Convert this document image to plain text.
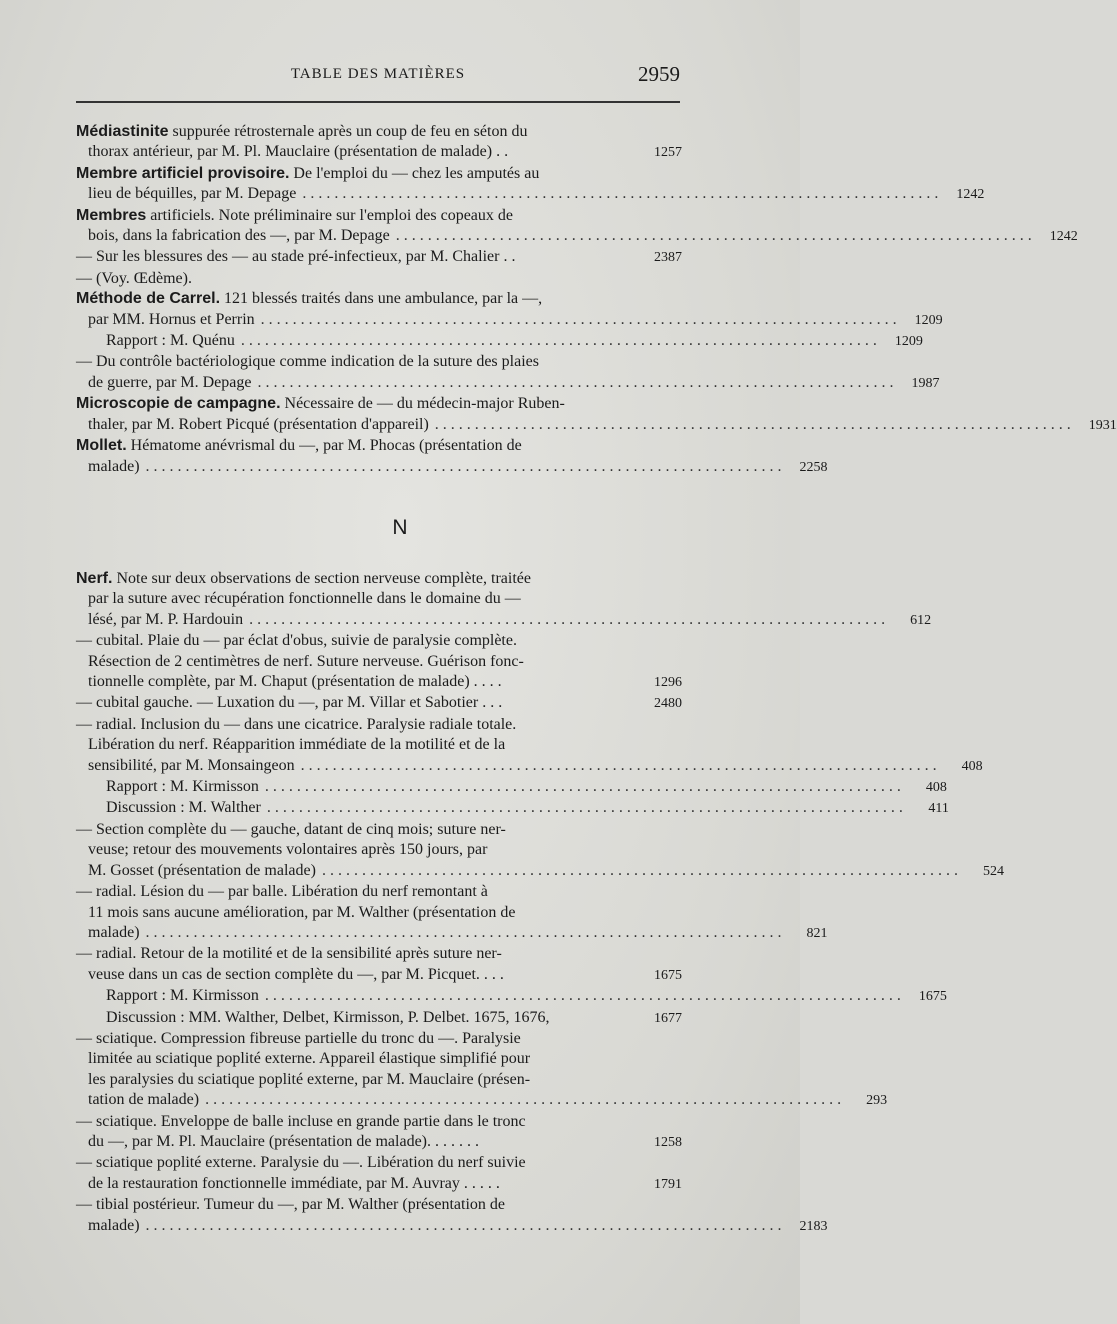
TABLE DES MATIÈRES	2959
Médiastinite suppurée rétrosternale après un coup de feu en séton du
thorax antérieur, par M. Pl. Mauclaire (présentation de malade) . .	1257
Membre artificiel provisoire. De l'emploi du — chez les amputés au
lieu de béquilles, par M. Depage ................................................................................	1242
Membres artificiels. Note préliminaire sur l'emploi des copeaux de
bois, dans la fabrication des —, par M. Depage ................................................................................	1242
— Sur les blessures des — au stade pré-infectieux, par M. Chalier . .	2387
— (Voy. Œdème).
Méthode de Carrel. 121 blessés traités dans une ambulance, par la —,
par MM. Hornus et Perrin ................................................................................	1209
Rapport : M. Quénu ................................................................................	1209
— Du contrôle bactériologique comme indication de la suture des plaies
de guerre, par M. Depage ................................................................................	1987
Microscopie de campagne. Nécessaire de — du médecin-major Ruben-
thaler, par M. Robert Picqué (présentation d'appareil) ................................................................................	1931
Mollet. Hématome anévrismal du —, par M. Phocas (présentation de
malade) ................................................................................	2258
N
Nerf. Note sur deux observations de section nerveuse complète, traitée
par la suture avec récupération fonctionnelle dans le domaine du —
lésé, par M. P. Hardouin ................................................................................	612
— cubital. Plaie du — par éclat d'obus, suivie de paralysie complète.
Résection de 2 centimètres de nerf. Suture nerveuse. Guérison fonc-
tionnelle complète, par M. Chaput (présentation de malade) . . . .	1296
— cubital gauche. — Luxation du —, par M. Villar et Sabotier . . .	2480
— radial. Inclusion du — dans une cicatrice. Paralysie radiale totale.
Libération du nerf. Réapparition immédiate de la motilité et de la
sensibilité, par M. Monsaingeon ................................................................................	408
Rapport : M. Kirmisson ................................................................................	408
Discussion : M. Walther ................................................................................	411
— Section complète du — gauche, datant de cinq mois; suture ner-
veuse; retour des mouvements volontaires après 150 jours, par
M. Gosset (présentation de malade) ................................................................................	524
— radial. Lésion du — par balle. Libération du nerf remontant à
11 mois sans aucune amélioration, par M. Walther (présentation de
malade) ................................................................................	821
— radial. Retour de la motilité et de la sensibilité après suture ner-
veuse dans un cas de section complète du —, par M. Picquet. . . .	1675
Rapport : M. Kirmisson ................................................................................	1675
Discussion : MM. Walther, Delbet, Kirmisson, P. Delbet. 1675, 1676,	1677
— sciatique. Compression fibreuse partielle du tronc du —. Paralysie
limitée au sciatique poplité externe. Appareil élastique simplifié pour
les paralysies du sciatique poplité externe, par M. Mauclaire (présen-
tation de malade) ................................................................................	293
— sciatique. Enveloppe de balle incluse en grande partie dans le tronc
du —, par M. Pl. Mauclaire (présentation de malade). . . . . . .	1258
— sciatique poplité externe. Paralysie du —. Libération du nerf suivie
de la restauration fonctionnelle immédiate, par M. Auvray . . . . .	1791
— tibial postérieur. Tumeur du —, par M. Walther (présentation de
malade) ................................................................................	2183
